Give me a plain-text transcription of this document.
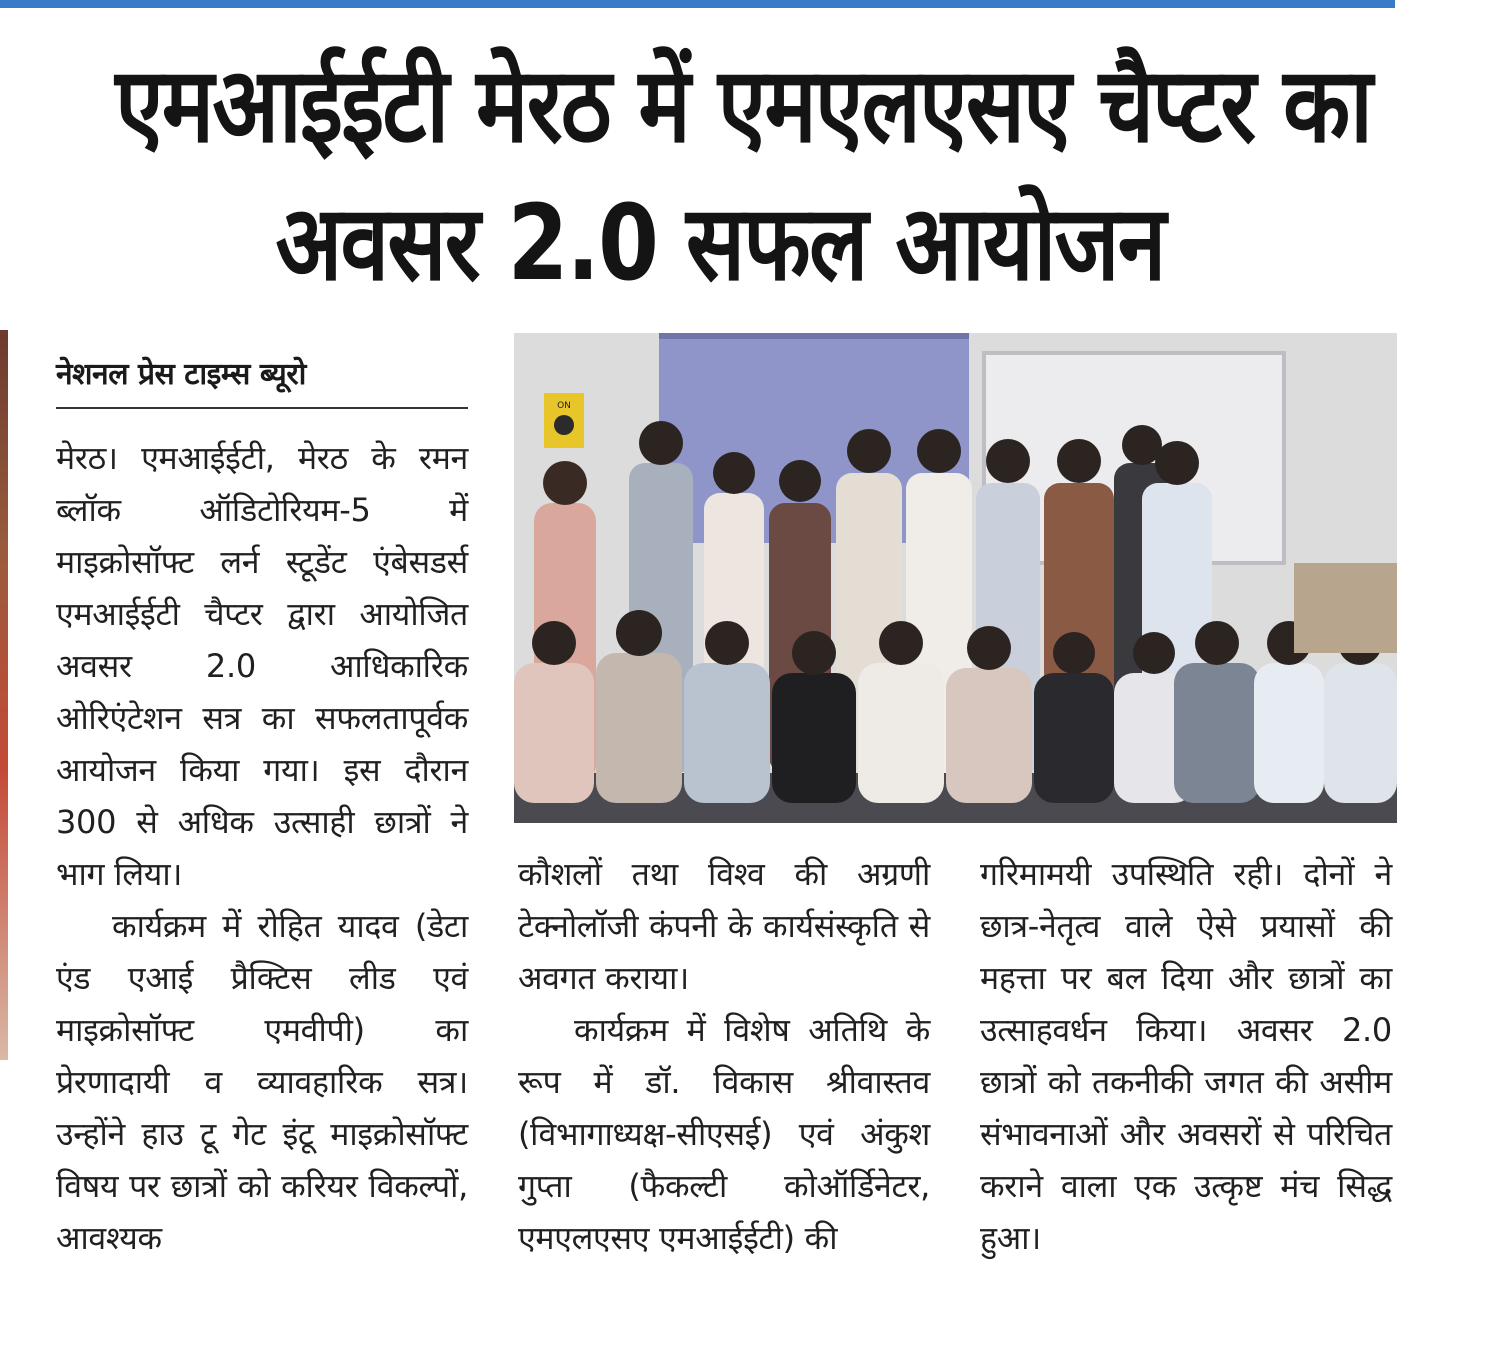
एमआईईटी मेरठ में एमएलएसए चैप्टर का
अवसर 2.0 सफल आयोजन
नेशनल प्रेस टाइम्स ब्यूरो

मेरठ। एमआईईटी, मेरठ के रमन ब्लॉक ऑडिटोरियम-5 में माइक्रोसॉफ्ट लर्न स्टूडेंट एंबेसडर्स एमआईईटी चैप्टर द्वारा आयोजित अवसर 2.0 आधिकारिक ओरिएंटेशन सत्र का सफलतापूर्वक आयोजन किया गया। इस दौरान 300 से अधिक उत्साही छात्रों ने भाग लिया।

कार्यक्रम में रोहित यादव (डेटा एंड एआई प्रैक्टिस लीड एवं माइक्रोसॉफ्ट एमवीपी) का प्रेरणादायी व व्यावहारिक सत्र। उन्होंने हाउ टू गेट इंटू माइक्रोसॉफ्ट विषय पर छात्रों को करियर विकल्पों, आवश्यक

ON

कौशलों तथा विश्व की अग्रणी टेक्नोलॉजी कंपनी के कार्यसंस्कृति से अवगत कराया।

कार्यक्रम में विशेष अतिथि के रूप में डॉ. विकास श्रीवास्तव (विभागाध्यक्ष-सीएसई) एवं अंकुश गुप्ता (फैकल्टी कोऑर्डिनेटर, एमएलएसए एमआईईटी) की

गरिमामयी उपस्थिति रही। दोनों ने छात्र-नेतृत्व वाले ऐसे प्रयासों की महत्ता पर बल दिया और छात्रों का उत्साहवर्धन किया। अवसर 2.0 छात्रों को तकनीकी जगत की असीम संभावनाओं और अवसरों से परिचित कराने वाला एक उत्कृष्ट मंच सिद्ध हुआ।
